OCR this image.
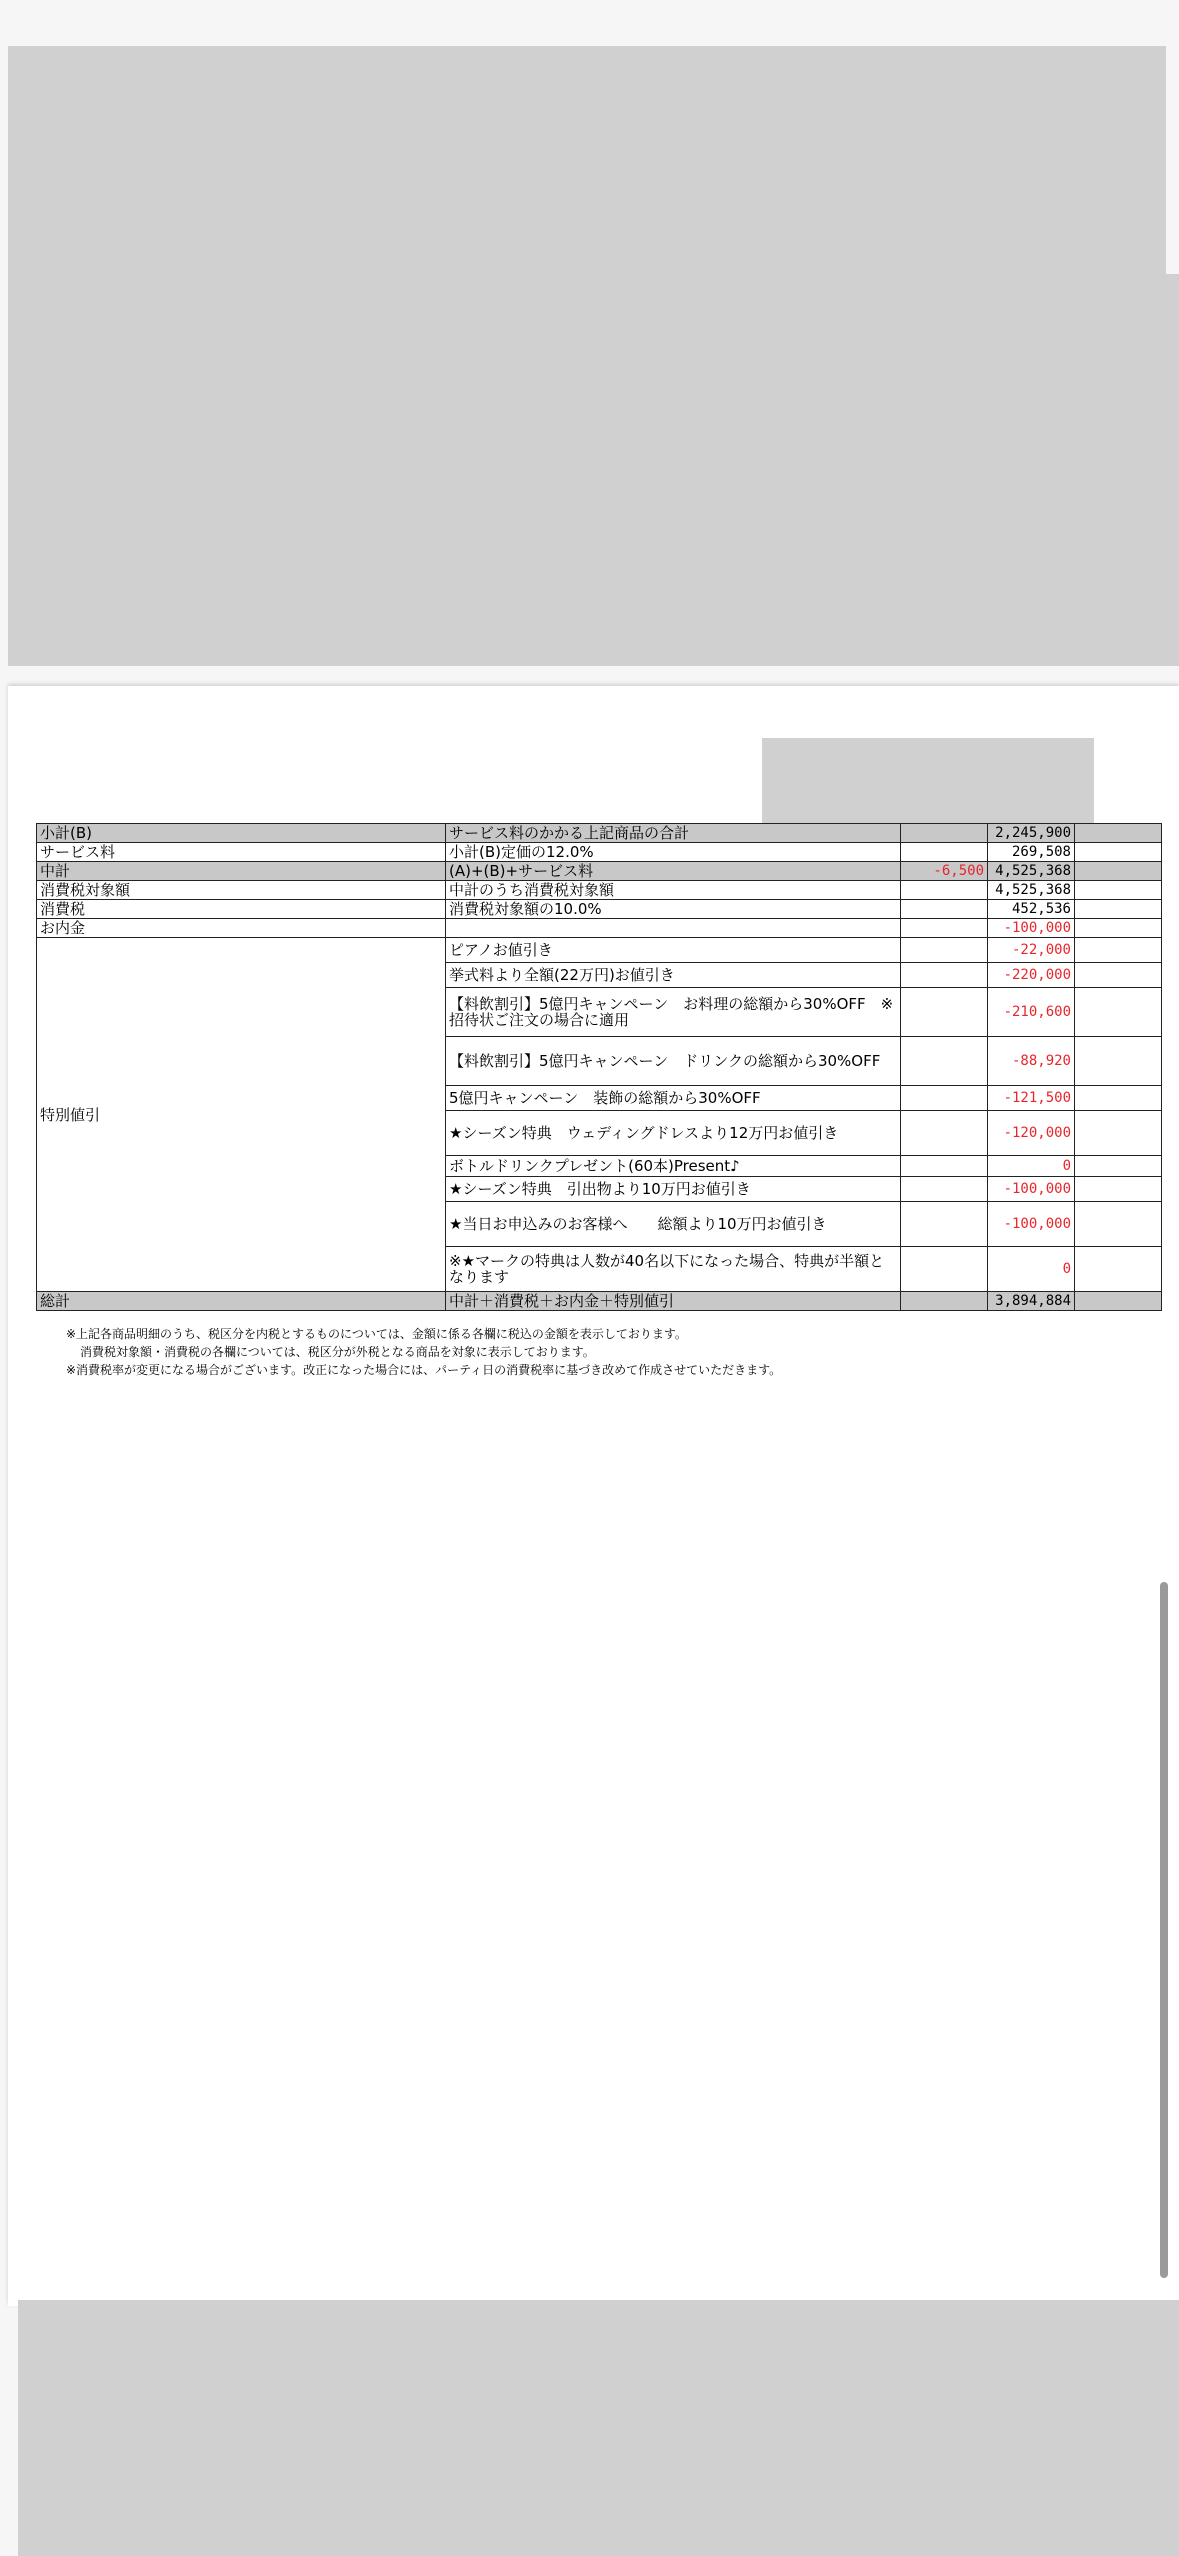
小計(B)	サービス料のかかる上記商品の合計		2,245,900	
サービス料	小計(B)定価の12.0%		269,508	
中計	(A)+(B)+サービス料	-6,500	4,525,368	
消費税対象額	中計のうち消費税対象額		4,525,368	
消費税	消費税対象額の10.0%		452,536	
お内金			-100,000	
特別値引	ピアノお値引き		-22,000	
	挙式料より全額(22万円)お値引き		-220,000	
	【料飲割引】5億円キャンペーン　お料理の総額から30%OFF　※招待状ご注文の場合に適用		-210,600	
	【料飲割引】5億円キャンペーン　ドリンクの総額から30%OFF		-88,920	
	5億円キャンペーン　装飾の総額から30%OFF		-121,500	
	★シーズン特典　ウェディングドレスより12万円お値引き		-120,000	
	ボトルドリンクプレゼント(60本)Present♪		0	
	★シーズン特典　引出物より10万円お値引き		-100,000	
	★当日お申込みのお客様へ　　総額より10万円お値引き		-100,000	
	※★マークの特典は人数が40名以下になった場合、特典が半額となります		0	
総計	中計＋消費税＋お内金＋特別値引		3,894,884	
※上記各商品明細のうち、税区分を内税とするものについては、金額に係る各欄に税込の金額を表示しております。
消費税対象額・消費税の各欄については、税区分が外税となる商品を対象に表示しております。
※消費税率が変更になる場合がございます。改正になった場合には、パーティ日の消費税率に基づき改めて作成させていただきます。
